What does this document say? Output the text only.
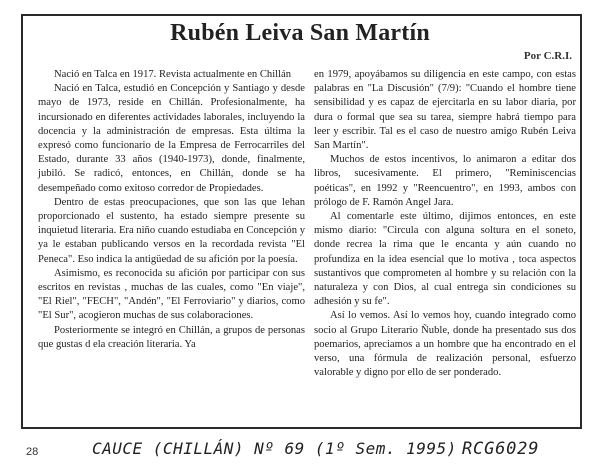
Rubén Leiva San Martín
Por C.R.I.

Nació en Talca en 1917. Revista actualmente en Chillán

Nació en Talca, estudió en Concepción y Santiago y desde mayo de 1973, reside en Chillán. Profesionalmente, ha incursionado en diferentes actividades laborales, incluyendo la docencia y la administración de empresas. Esta última la expresó como funcionario de la Empresa de Ferrocarriles del Estado, durante 33 años (1940-1973), donde, finalmente, jubiló. Se radicó, entonces, en Chillán, donde se ha desempeñado como exitoso corredor de Propiedades.

Dentro de estas preocupaciones, que son las que lehan proporcionado el sustento, ha estado siempre presente su inquietud literaria. Era niño cuando estudiaba en Concepción y ya le estaban publicando versos en la recordada revista "El Peneca". Eso indica la antigüedad de su afición por la poesía.

Asimismo, es reconocida su afición por participar con sus escritos en revistas , muchas de las cuales, como "En viaje", "El Riel", "FECH", "Andén", "El Ferroviario" y diarios, como "El Sur", acogieron muchas de sus colaboraciones.

Posteriormente se integró en Chillán, a grupos de personas que gustas d ela creación literaria. Ya

en 1979, apoyábamos su diligencia en este campo, con estas palabras en "La Discusión" (7/9): "Cuando el hombre tiene sensibilidad y es capaz de ejercitarla en su labor diaria, por dura o formal que sea su tarea, siempre habrá tiempo para leer y escribir. Tal es el caso de nuestro amigo Rubén Leiva San Martín".

Muchos de estos incentivos, lo animaron a editar dos libros, sucesivamente. El primero, "Reminiscencias poéticas", en 1992 y "Reencuentro", en 1993, ambos con prólogo de F. Ramón Angel Jara.

Al comentarle este último, dijimos entonces, en este mismo diario: "Circula con alguna soltura en el soneto, donde recrea la rima que le encanta y aún cuando no profundiza en la idea esencial que lo motiva , toca aspectos sustantivos que comprometen al hombre y su relación con la naturaleza y con Dios, al cual entrega sin condiciones su adhesión y su fe".

Así lo vemos. Así lo vemos hoy, cuando integrado como socio al Grupo Literario Ñuble, donde ha presentado sus dos poemarios, apreciamos a un hombre que ha encontrado en el verso, una fórmula de realización personal, esfuerzo valorable y digno por ello de ser ponderado.

28	CAUCE (CHILLÁN) Nº 69 (1º Sem. 1995) RCG6029
